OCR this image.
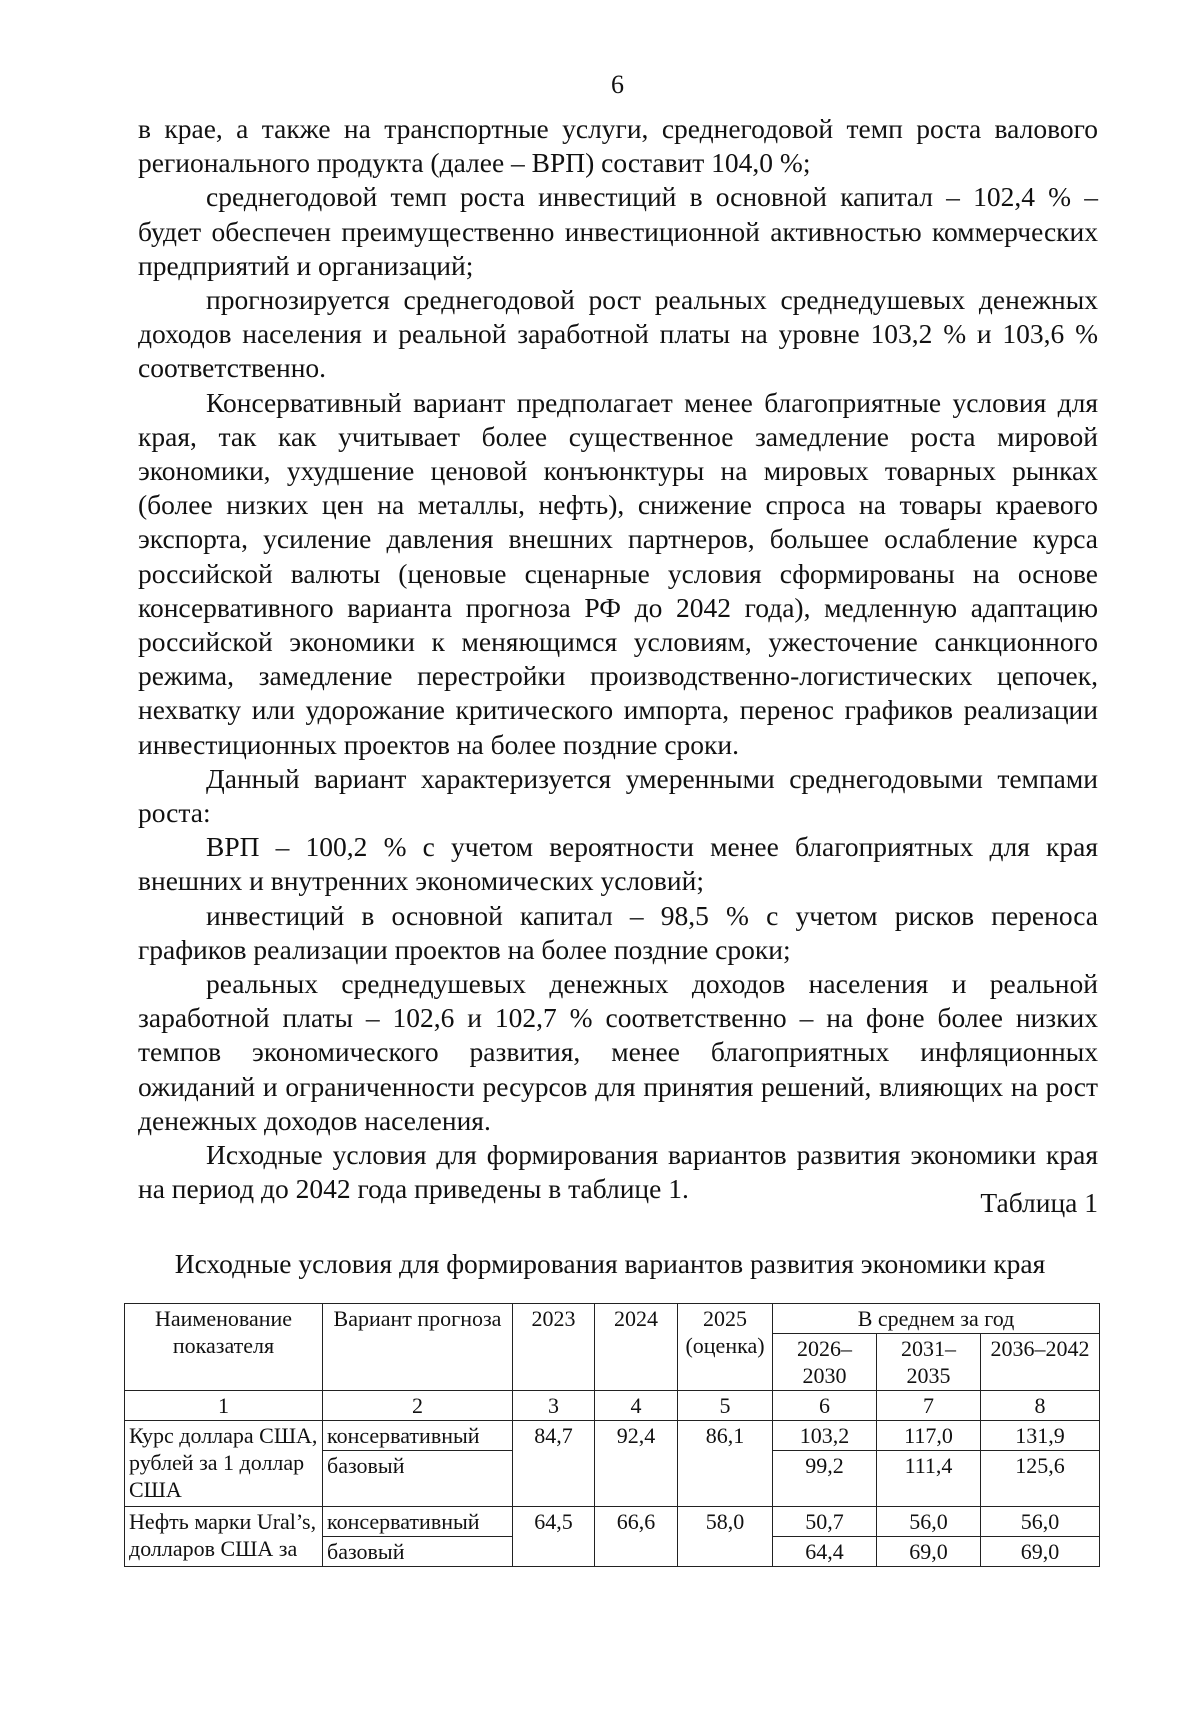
6

в крае, а также на транспортные услуги, среднегодовой темп роста валового регионального продукта (далее – ВРП) составит 104,0 %;

среднегодовой темп роста инвестиций в основной капитал – 102,4 % – будет обеспечен преимущественно инвестиционной активностью коммерческих предприятий и организаций;

прогнозируется среднегодовой рост реальных среднедушевых денежных доходов населения и реальной заработной платы на уровне 103,2 % и 103,6 % соответственно.

Консервативный вариант предполагает менее благоприятные условия для края, так как учитывает более существенное замедление роста мировой экономики, ухудшение ценовой конъюнктуры на мировых товарных рынках (более низких цен на металлы, нефть), снижение спроса на товары краевого экспорта, усиление давления внешних партнеров, большее ослабление курса российской валюты (ценовые сценарные условия сформированы на основе консервативного варианта прогноза РФ до 2042 года), медленную адаптацию российской экономики к меняющимся условиям, ужесточение санкционного режима, замедление перестройки производственно-логистических цепочек, нехватку или удорожание критического импорта, перенос графиков реализации инвестиционных проектов на более поздние сроки.

Данный вариант характеризуется умеренными среднегодовыми темпами роста:

ВРП – 100,2 % с учетом вероятности менее благоприятных для края внешних и внутренних экономических условий;

инвестиций в основной капитал – 98,5 % с учетом рисков переноса графиков реализации проектов на более поздние сроки;

реальных среднедушевых денежных доходов населения и реальной заработной платы – 102,6 и 102,7 % соответственно – на фоне более низких темпов экономического развития, менее благоприятных инфляционных ожиданий и ограниченности ресурсов для принятия решений, влияющих на рост денежных доходов населения.

Исходные условия для формирования вариантов развития экономики края на период до 2042 года приведены в таблице 1.	Таблица 1
Исходные условия для формирования вариантов развития экономики края
Наименование показателя	Вариант прогноза	2023	2024	2025 (оценка)	В среднем за год		
					2026–2030	2031–2035	2036–2042
1	2	3	4	5	6	7	8
Курс доллара США, рублей за 1 доллар США	консервативный	84,7	92,4	86,1	103,2	117,0	131,9
	базовый				99,2	111,4	125,6
Нефть марки Ural’s, долларов США за	консервативный	64,5	66,6	58,0	50,7	56,0	56,0
	базовый				64,4	69,0	69,0
